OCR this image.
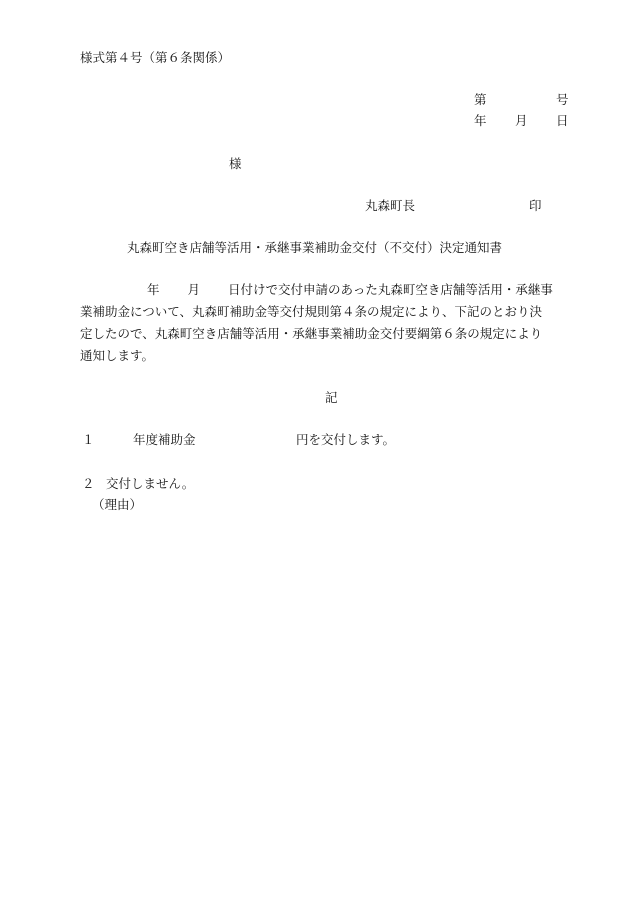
様式第４号（第６条関係）
第	号
年 月 日
様
丸森町長	印
丸森町空き店舗等活用・承継事業補助金交付（不交付）決定通知書
年 月 日付けで交付申請のあった丸森町空き店舗等活用・承継事
業補助金について、丸森町補助金等交付規則第４条の規定により、下記のとおり決
定したので、丸森町空き店舗等活用・承継事業補助金交付要綱第６条の規定により
通知します。
記
１	年度補助金	円を交付します。
２ 交付しません。
（理由）
